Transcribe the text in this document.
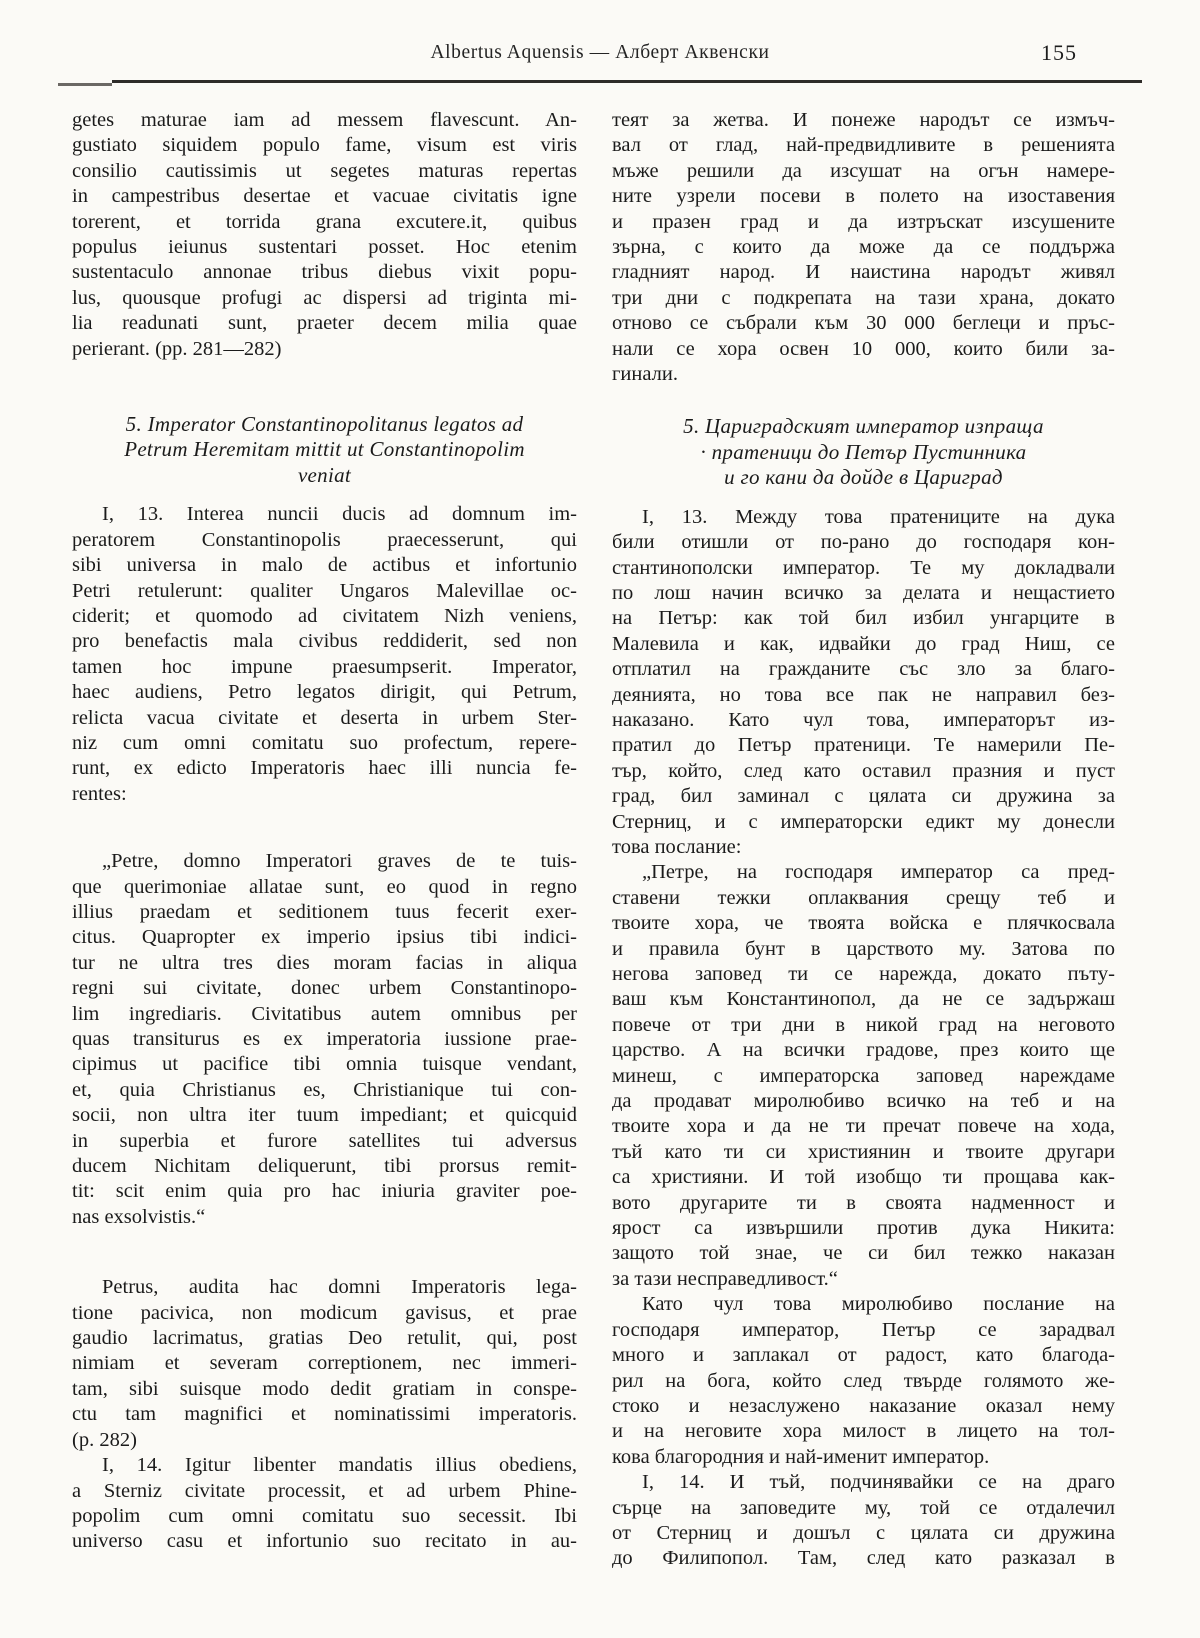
Albertus Aquensis — Алберт Аквенски	155
getes maturae iam ad messem flavescunt. An-
gustiato siquidem populo fame, visum est viris
consilio cautissimis ut segetes maturas repertas
in campestribus desertae et vacuae civitatis igne
torerent, et torrida grana excutere.it, quibus
populus ieiunus sustentari posset. Hoc etenim
sustentaculo annonae tribus diebus vixit popu-
lus, quousque profugi ac dispersi ad triginta mi-
lia readunati sunt, praeter decem milia quae
perierant. (pp. 281—282)
5. Imperator Constantinopolitanus legatos ad
Petrum Heremitam mittit ut Constantinopolim
veniat
I, 13. Interea nuncii ducis ad domnum im-
peratorem Constantinopolis praecesserunt, qui
sibi universa in malo de actibus et infortunio
Petri retulerunt: qualiter Ungaros Malevillae oc-
ciderit; et quomodo ad civitatem Nizh veniens,
pro benefactis mala civibus reddiderit, sed non
tamen hoc impune praesumpserit. Imperator,
haec audiens, Petro legatos dirigit, qui Petrum,
relicta vacua civitate et deserta in urbem Ster-
niz cum omni comitatu suo profectum, repere-
runt, ex edicto Imperatoris haec illi nuncia fe-
rentes:
„Petre, domno Imperatori graves de te tuis-
que querimoniae allatae sunt, eo quod in regno
illius praedam et seditionem tuus fecerit exer-
citus. Quapropter ex imperio ipsius tibi indici-
tur ne ultra tres dies moram facias in aliqua
regni sui civitate, donec urbem Constantinopo-
lim ingrediaris. Civitatibus autem omnibus per
quas transiturus es ex imperatoria iussione prae-
cipimus ut pacifice tibi omnia tuisque vendant,
et, quia Christianus es, Christianique tui con-
socii, non ultra iter tuum impediant; et quicquid
in superbia et furore satellites tui adversus
ducem Nichitam deliquerunt, tibi prorsus remit-
tit: scit enim quia pro hac iniuria graviter poe-
nas exsolvistis.“
Petrus, audita hac domni Imperatoris lega-
tione pacivica, non modicum gavisus, et prae
gaudio lacrimatus, gratias Deo retulit, qui, post
nimiam et severam correptionem, nec immeri-
tam, sibi suisque modo dedit gratiam in conspe-
ctu tam magnifici et nominatissimi imperatoris.
(p. 282)
I, 14. Igitur libenter mandatis illius obediens,
a Sterniz civitate processit, et ad urbem Phine-
popolim cum omni comitatu suo secessit. Ibi
universo casu et infortunio suo recitato in au-
теят за жетва. И понеже народът се измъч-
вал от глад, най-предвидливите в решенията
мъже решили да изсушат на огън намере-
ните узрели посеви в полето на изоставения
и празен град и да изтръскат изсушените
зърна, с които да може да се поддържа
гладният народ. И наистина народът живял
три дни с подкрепата на тази храна, докато
отново се събрали към 30 000 беглеци и пръс-
нали се хора освен 10 000, които били за-
гинали.
5. Цариградският император изпраща
· пратеници до Петър Пустинника
и го кани да дойде в Цариград
I, 13. Между това пратениците на дука
били отишли от по-рано до господаря кон-
стантинополски император. Те му докладвали
по лош начин всичко за делата и нещастието
на Петър: как той бил избил унгарците в
Малевила и как, идвайки до град Ниш, се
отплатил на гражданите със зло за благо-
деянията, но това все пак не направил без-
наказано. Като чул това, императорът из-
пратил до Петър пратеници. Те намерили Пе-
тър, който, след като оставил празния и пуст
град, бил заминал с цялата си дружина за
Стерниц, и с императорски едикт му донесли
това послание:
„Петре, на господаря император са пред-
ставени тежки оплаквания срещу теб и
твоите хора, че твоята войска е плячкосвала
и правила бунт в царството му. Затова по
негова заповед ти се нарежда, докато пъту-
ваш към Константинопол, да не се задържаш
повече от три дни в никой град на неговото
царство. А на всички градове, през които ще
минеш, с императорска заповед нареждаме
да продават миролюбиво всичко на теб и на
твоите хора и да не ти пречат повече на хода,
тъй като ти си християнин и твоите другари
са християни. И той изобщо ти прощава как-
вото другарите ти в своята надменност и
ярост са извършили против дука Никита:
защото той знае, че си бил тежко наказан
за тази несправедливост.“
Като чул това миролюбиво послание на
господаря император, Петър се зарадвал
много и заплакал от радост, като благода-
рил на бога, който след твърде голямото же-
стоко и незаслужено наказание оказал нему
и на неговите хора милост в лицето на тол-
кова благородния и най-именит император.
I, 14. И тъй, подчинявайки се на драго
сърце на заповедите му, той се отдалечил
от Стерниц и дошъл с цялата си дружина
до Филипопол. Там, след като разказал в
